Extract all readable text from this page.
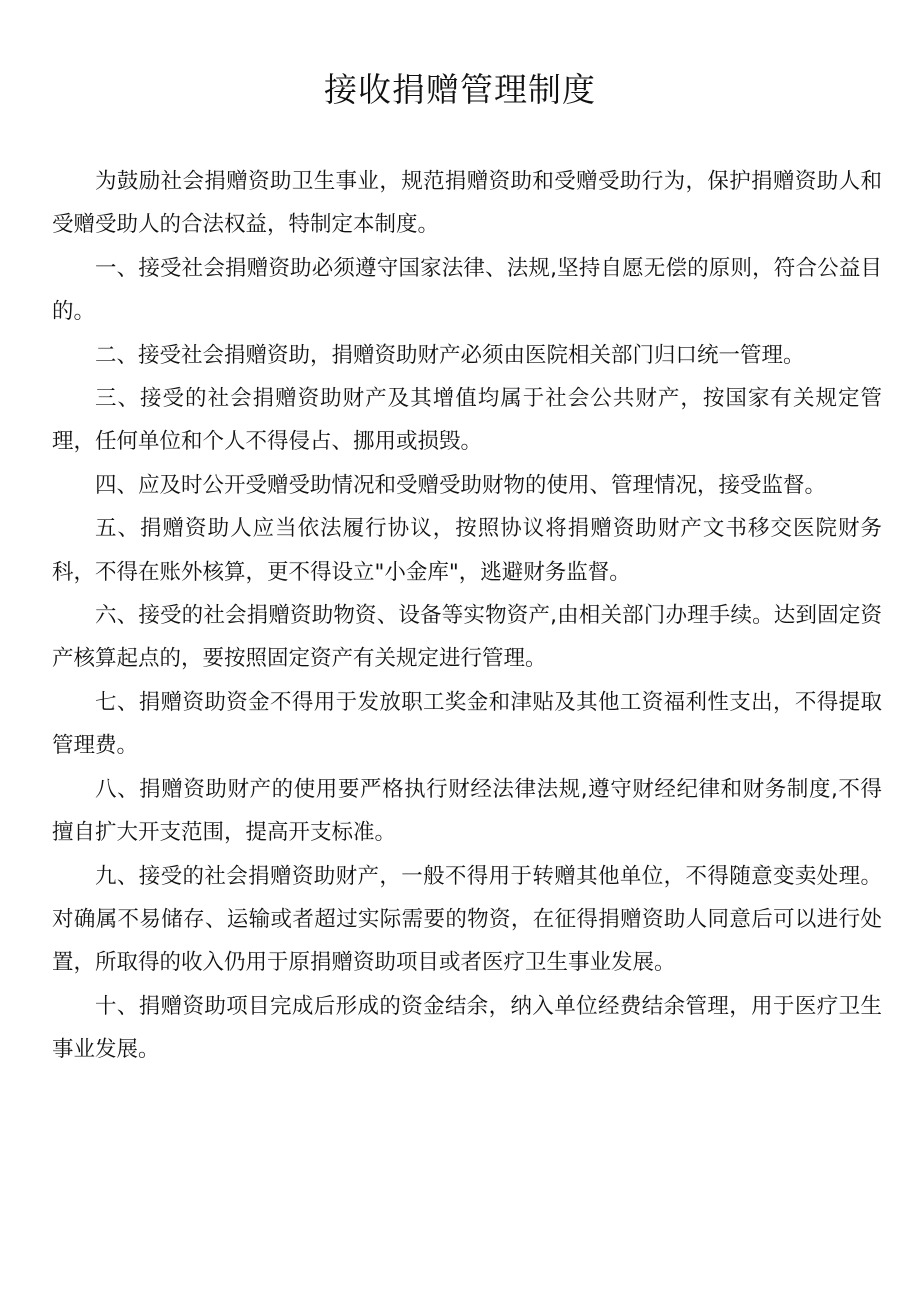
接收捐赠管理制度

为鼓励社会捐赠资助卫生事业，规范捐赠资助和受赠受助行为，保护捐赠资助人和受赠受助人的合法权益，特制定本制度。

一、接受社会捐赠资助必须遵守国家法律、法规,坚持自愿无偿的原则，符合公益目的。

二、接受社会捐赠资助，捐赠资助财产必须由医院相关部门归口统一管理。

三、接受的社会捐赠资助财产及其增值均属于社会公共财产，按国家有关规定管理，任何单位和个人不得侵占、挪用或损毁。

四、应及时公开受赠受助情况和受赠受助财物的使用、管理情况，接受监督。

五、捐赠资助人应当依法履行协议，按照协议将捐赠资助财产文书移交医院财务科，不得在账外核算，更不得设立"小金库"，逃避财务监督。

六、接受的社会捐赠资助物资、设备等实物资产,由相关部门办理手续。达到固定资产核算起点的，要按照固定资产有关规定进行管理。

七、捐赠资助资金不得用于发放职工奖金和津贴及其他工资福利性支出，不得提取管理费。

八、捐赠资助财产的使用要严格执行财经法律法规,遵守财经纪律和财务制度,不得擅自扩大开支范围，提高开支标准。

九、接受的社会捐赠资助财产，一般不得用于转赠其他单位，不得随意变卖处理。对确属不易储存、运输或者超过实际需要的物资，在征得捐赠资助人同意后可以进行处置，所取得的收入仍用于原捐赠资助项目或者医疗卫生事业发展。

十、捐赠资助项目完成后形成的资金结余，纳入单位经费结余管理，用于医疗卫生事业发展。
